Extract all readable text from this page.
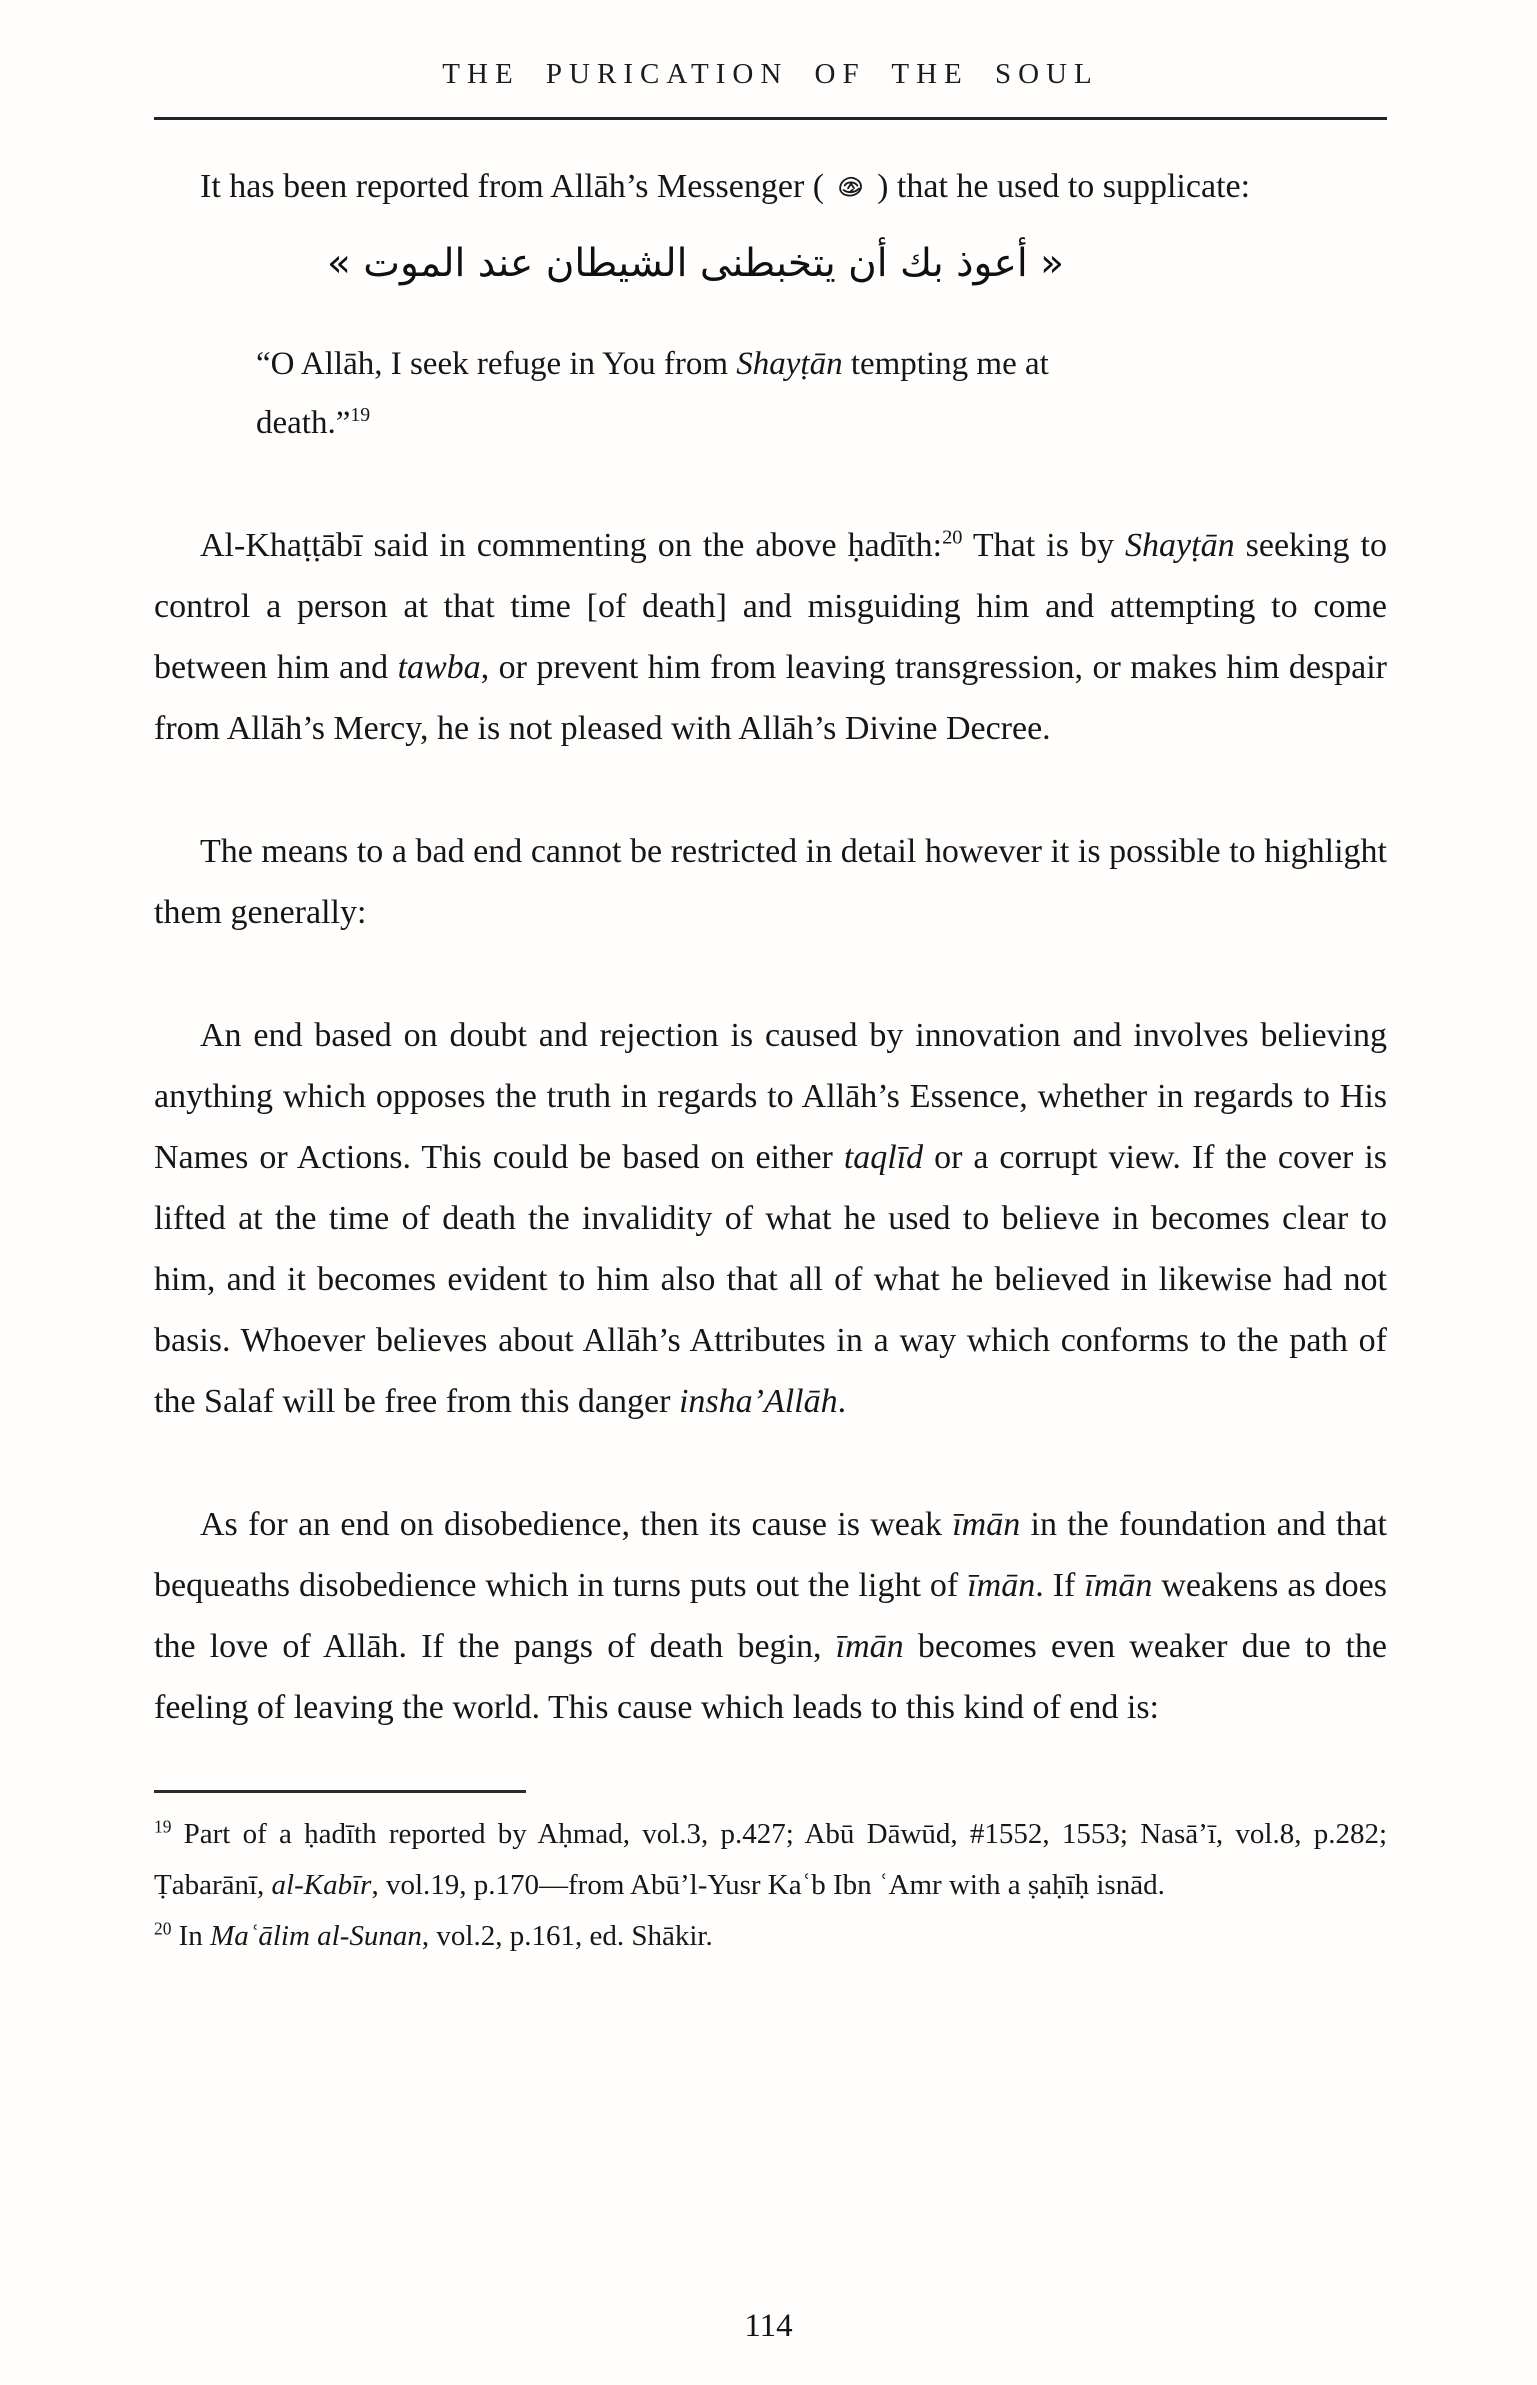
THE PURICATION OF THE SOUL

It has been reported from Allāh’s Messenger ( ) that he used to supplicate:

« أعوذ بك أن يتخبطنى الشيطان عند الموت »

“O Allāh, I seek refuge in You from Shayṭān tempting me at death.”$^{19}$

Al-Khaṭṭābī said in commenting on the above ḥadīth:$^{20}$ That is by Shayṭān seeking to control a person at that time [of death] and misguiding him and attempting to come between him and tawba, or prevent him from leaving transgression, or makes him despair from Allāh’s Mercy, he is not pleased with Allāh’s Divine Decree.

The means to a bad end cannot be restricted in detail however it is possible to highlight them generally:

An end based on doubt and rejection is caused by innovation and involves believing anything which opposes the truth in regards to Allāh’s Essence, whether in regards to His Names or Actions. This could be based on either taqlīd or a corrupt view. If the cover is lifted at the time of death the invalidity of what he used to believe in becomes clear to him, and it becomes evident to him also that all of what he believed in likewise had not basis. Whoever believes about Allāh’s Attributes in a way which conforms to the path of the Salaf will be free from this danger insha’Allāh.

As for an end on disobedience, then its cause is weak īmān in the foundation and that bequeaths disobedience which in turns puts out the light of īmān. If īmān weakens as does the love of Allāh. If the pangs of death begin, īmān becomes even weaker due to the feeling of leaving the world. This cause which leads to this kind of end is:

$^{19}$ Part of a ḥadīth reported by Aḥmad, vol.3, p.427; Abū Dāwūd, #1552, 1553; Nasā’ī, vol.8, p.282; Ṭabarānī, al-Kabīr, vol.19, p.170—from Abū’l-Yusr Kaʿb Ibn ʿAmr with a ṣaḥīḥ isnād.

$^{20}$ In Maʿālim al-Sunan, vol.2, p.161, ed. Shākir.

114
